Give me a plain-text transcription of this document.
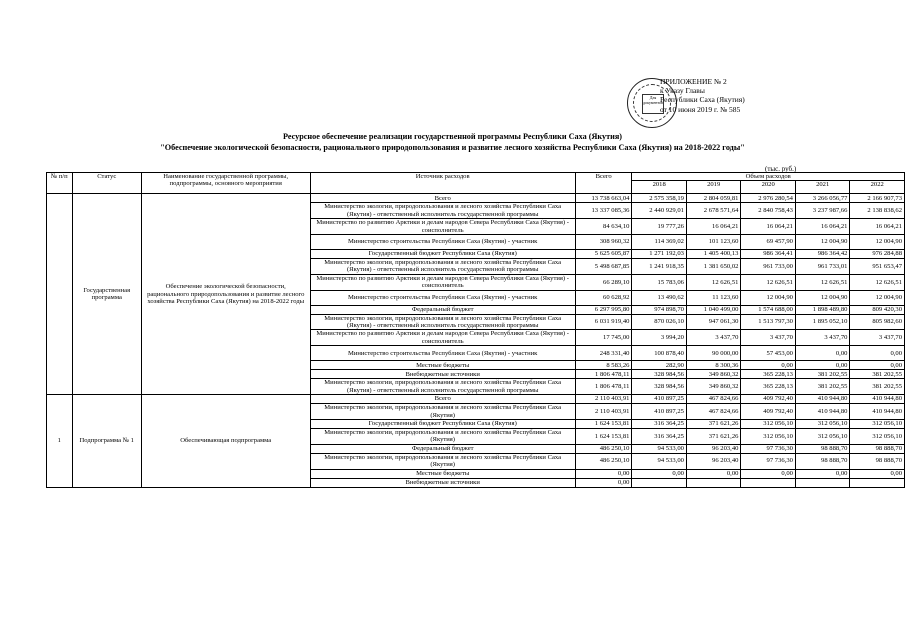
Для
документов
ПРИЛОЖЕНИЕ № 2
к Указу Главы
Республики Саха (Якутия)
от 10 июня 2019 г. № 585
Ресурсное обеспечение реализации государственной программы Республики Саха (Якутия)
"Обеспечение экологической безопасности, рационального природопользования и развитие лесного хозяйства Республики Саха (Якутия) на 2018-2022 годы"
(тыс. руб.)
№ п/п	Статус	Наименование государственной программы, подпрограммы, основного мероприятия	Источник расходов	Всего	Объем расходов				
					2018	2019	2020	2021	2022
	Государственная программа	Обеспечение экологической безопасности, рационального природопользования и развитие лесного хозяйства Республики Саха (Якутия) на 2018-2022 годы	Всего	13 738 663,04	2 575 358,19	2 804 059,81	2 976 280,54	3 266 056,77	2 166 907,73
			Министерство экологии, природопользования и лесного хозяйства Республики Саха (Якутия) - ответственный исполнитель государственной программы	13 337 085,36	2 440 929,01	2 678 571,64	2 840 758,43	3 237 987,66	2 138 838,62
			Министерство по развитию Арктики и делам народов Севера Республики Саха (Якутия) - соисполнитель	84 634,10	19 777,26	16 064,21	16 064,21	16 064,21	16 064,21
			Министерство строительства Республики Саха (Якутия) - участник	308 960,32	114 369,02	101 123,60	69 457,90	12 004,90	12 004,90
			Государственный бюджет Республики Саха (Якутия)	5 625 605,87	1 271 192,03	1 405 400,13	986 364,41	986 364,42	976 284,88
			Министерство экологии, природопользования и лесного хозяйства Республики Саха (Якутия) - ответственный исполнитель государственной программы	5 498 687,85	1 241 918,35	1 381 650,02	961 733,00	961 733,01	951 653,47
			Министерство по развитию Арктики и делам народов Севера Республики Саха (Якутия) - соисполнитель	66 289,10	15 783,06	12 626,51	12 626,51	12 626,51	12 626,51
			Министерство строительства Республики Саха (Якутия) - участник	60 628,92	13 490,62	11 123,60	12 004,90	12 004,90	12 004,90
			Федеральный бюджет	6 297 995,80	974 898,70	1 040 499,00	1 574 688,00	1 898 489,80	809 420,30
			Министерство экологии, природопользования и лесного хозяйства Республики Саха (Якутия) - ответственный исполнитель государственной программы	6 031 919,40	870 026,10	947 061,30	1 513 797,30	1 895 052,10	805 982,60
			Министерство по развитию Арктики и делам народов Севера Республики Саха (Якутия) - соисполнитель	17 745,00	3 994,20	3 437,70	3 437,70	3 437,70	3 437,70
			Министерство строительства Республики Саха (Якутия) - участник	248 331,40	100 878,40	90 000,00	57 453,00	0,00	0,00
			Местные бюджеты	8 583,26	282,90	8 300,36	0,00	0,00	0,00
			Внебюджетные источники	1 806 478,11	328 984,56	349 860,32	365 228,13	381 202,55	381 202,55
			Министерство экологии, природопользования и лесного хозяйства Республики Саха (Якутия) - ответственный исполнитель государственной программы	1 806 478,11	328 984,56	349 860,32	365 228,13	381 202,55	381 202,55
1	Подпрограмма № 1	Обеспечивающая подпрограмма	Всего	2 110 403,91	410 897,25	467 824,66	409 792,40	410 944,80	410 944,80
			Министерство экологии, природопользования и лесного хозяйства Республики Саха (Якутия)	2 110 403,91	410 897,25	467 824,66	409 792,40	410 944,80	410 944,80
			Государственный бюджет Республики Саха (Якутия)	1 624 153,81	316 364,25	371 621,26	312 056,10	312 056,10	312 056,10
			Министерство экологии, природопользования и лесного хозяйства Республики Саха (Якутия)	1 624 153,81	316 364,25	371 621,26	312 056,10	312 056,10	312 056,10
			Федеральный бюджет	486 250,10	94 533,00	96 203,40	97 736,30	98 888,70	98 888,70
			Министерство экологии, природопользования и лесного хозяйства Республики Саха (Якутия)	486 250,10	94 533,00	96 203,40	97 736,30	98 888,70	98 888,70
			Местные бюджеты	0,00	0,00	0,00	0,00	0,00	0,00
			Внебюджетные источники	0,00					
